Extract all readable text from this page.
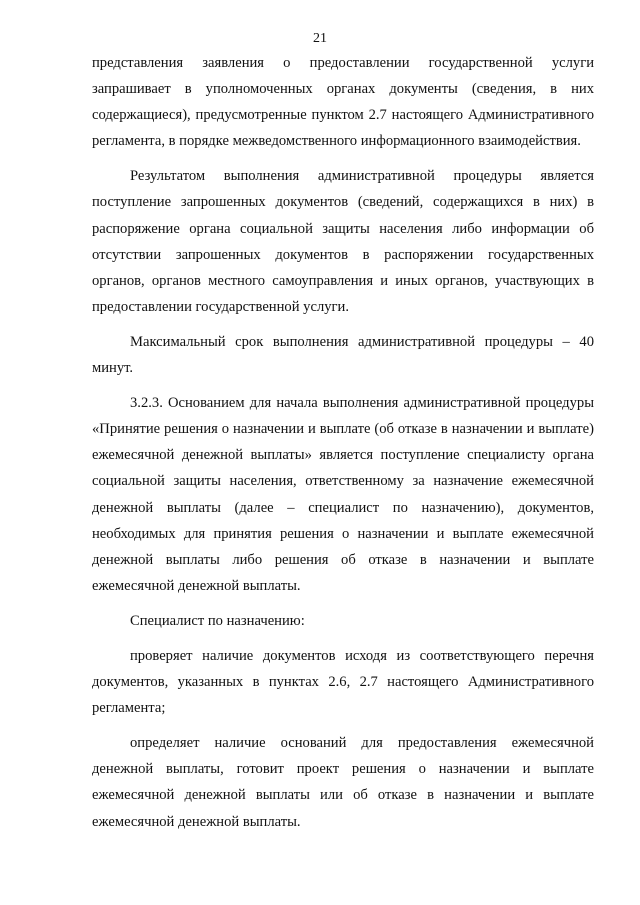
21

представления заявления о предоставлении государственной услуги запрашивает в уполномоченных органах документы (сведения, в них содержащиеся), предусмотренные пунктом 2.7 настоящего Административного регламента, в порядке межведомственного информационного взаимодействия.

Результатом выполнения административной процедуры является поступление запрошенных документов (сведений, содержащихся в них) в распоряжение органа социальной защиты населения либо информации об отсутствии запрошенных документов в распоряжении государственных органов, органов местного самоуправления и иных органов, участвующих в предоставлении государственной услуги.

Максимальный срок выполнения административной процедуры – 40 минут.

3.2.3. Основанием для начала выполнения административной процедуры «Принятие решения о назначении и выплате (об отказе в назначении и выплате) ежемесячной денежной выплаты» является поступление специалисту органа социальной защиты населения, ответственному за назначение ежемесячной денежной выплаты (далее – специалист по назначению), документов, необходимых для принятия решения о назначении и выплате ежемесячной денежной выплаты либо решения об отказе в назначении и выплате ежемесячной денежной выплаты.

Специалист по назначению:

проверяет наличие документов исходя из соответствующего перечня документов, указанных в пунктах 2.6, 2.7 настоящего Административного регламента;

определяет наличие оснований для предоставления ежемесячной денежной выплаты, готовит проект решения о назначении и выплате ежемесячной денежной выплаты или об отказе в назначении и выплате ежемесячной денежной выплаты.
